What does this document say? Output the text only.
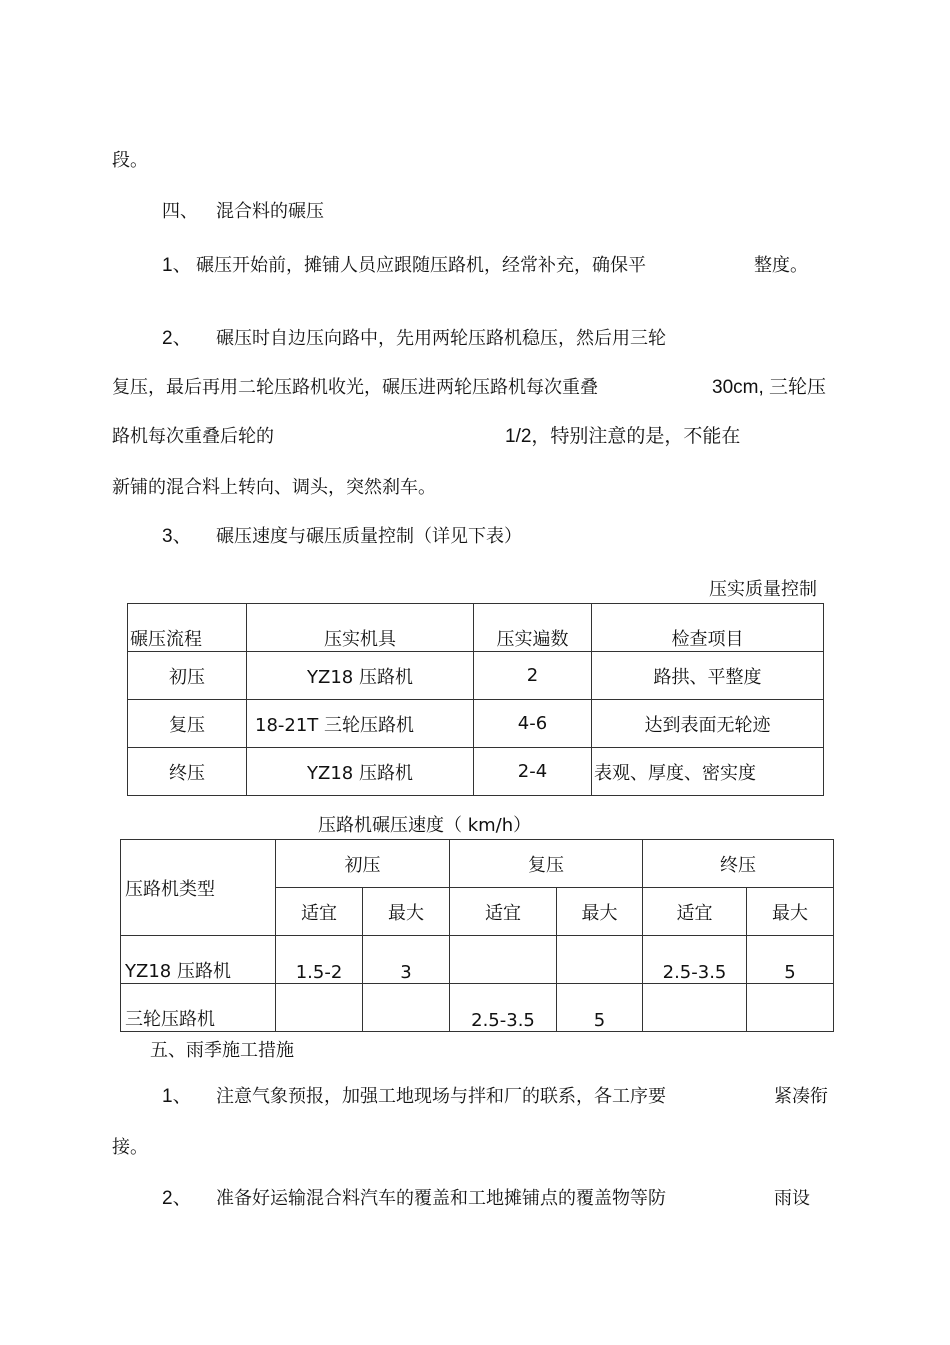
段。
四、 混合料的碾压
1、 碾压开始前，摊铺人员应跟随压路机，经常补充，确保平	整度。
2、 碾压时自边压向路中，先用两轮压路机稳压，然后用三轮
复压，最后再用二轮压路机收光，碾压进两轮压路机每次重叠	30cm, 三轮压
路机每次重叠后轮的	1/2，特别注意的是，不能在
新铺的混合料上转向、调头，突然刹车。
3、 碾压速度与碾压质量控制（详见下表）
压实质量控制
碾压流程	压实机具	压实遍数	检查项目
初压	YZ18 压路机	2	路拱、平整度
复压	18-21T 三轮压路机	4-6	达到表面无轮迹
终压	YZ18 压路机	2-4	表观、厚度、密实度
压路机碾压速度（ km/h）
压路机类型	初压		复压		终压	
	适宜	最大	适宜	最大	适宜	最大
YZ18 压路机	1.5-2	3			2.5-3.5	5
三轮压路机			2.5-3.5	5		
五、雨季施工措施
1、 注意气象预报，加强工地现场与拌和厂的联系，各工序要	紧凑衔
接。
2、 准备好运输混合料汽车的覆盖和工地摊铺点的覆盖物等防	雨设
